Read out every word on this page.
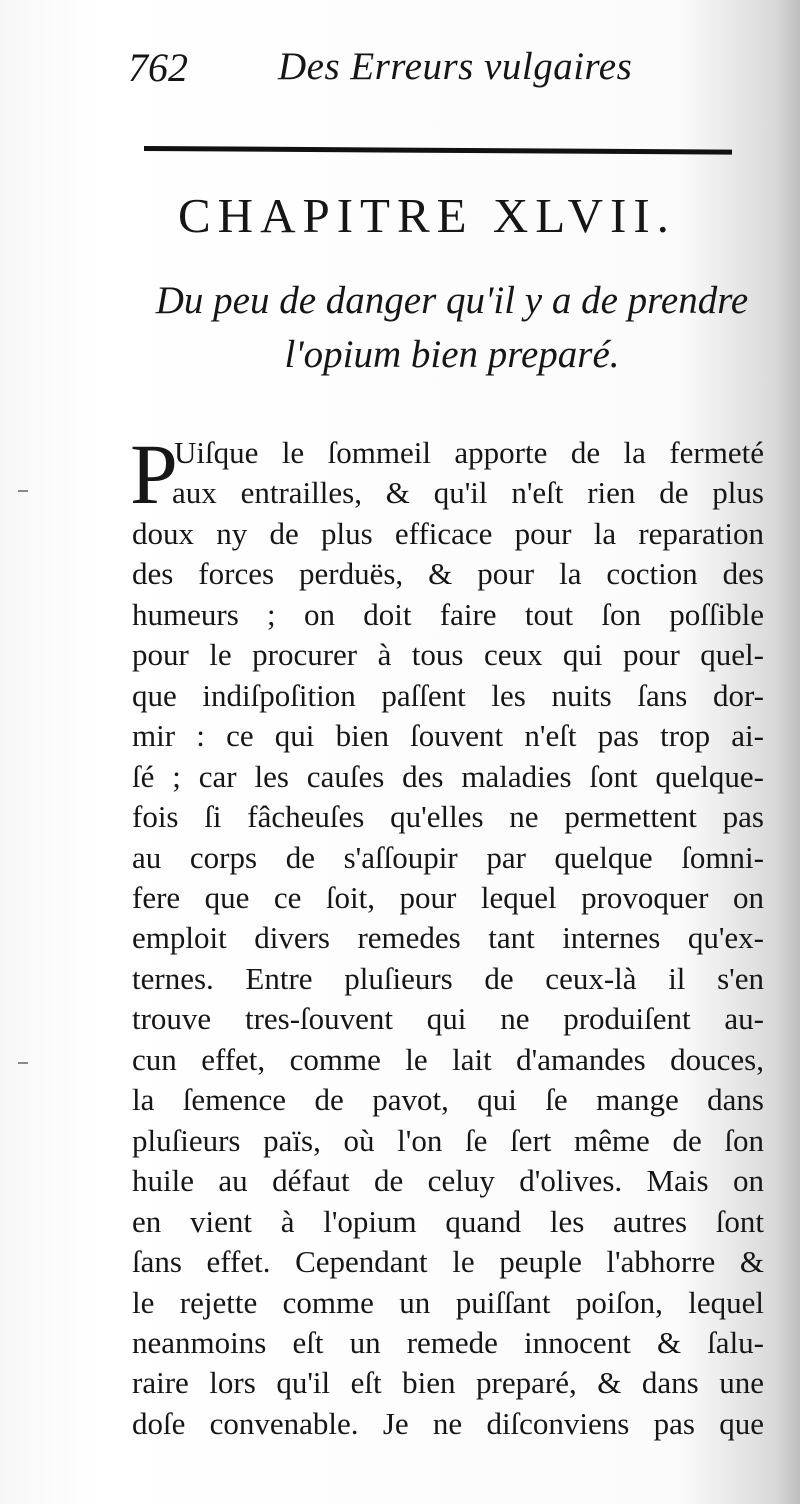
762 Des Erreurs vulgaires
CHAPITRE XLVII.
Du peu de danger qu'il y a de prendre
l'opium bien preparé.
P
Uiſque le ſommeil apporte de la fermeté
aux entrailles, & qu'il n'eſt rien de plus
doux ny de plus efficace pour la reparation
des forces perduës, & pour la coction des
humeurs ; on doit faire tout ſon poſſible
pour le procurer à tous ceux qui pour quel-
que indiſpoſition paſſent les nuits ſans dor-
mir : ce qui bien ſouvent n'eſt pas trop ai-
ſé ; car les cauſes des maladies ſont quelque-
fois ſi fâcheuſes qu'elles ne permettent pas
au corps de s'aſſoupir par quelque ſomni-
fere que ce ſoit, pour lequel provoquer on
emploit divers remedes tant internes qu'ex-
ternes. Entre pluſieurs de ceux-là il s'en
trouve tres-ſouvent qui ne produiſent au-
cun effet, comme le lait d'amandes douces,
la ſemence de pavot, qui ſe mange dans
pluſieurs païs, où l'on ſe ſert même de ſon
huile au défaut de celuy d'olives. Mais on
en vient à l'opium quand les autres ſont
ſans effet. Cependant le peuple l'abhorre &
le rejette comme un puiſſant poiſon, lequel
neanmoins eſt un remede innocent & ſalu-
raire lors qu'il eſt bien preparé, & dans une
doſe convenable. Je ne diſconviens pas que
